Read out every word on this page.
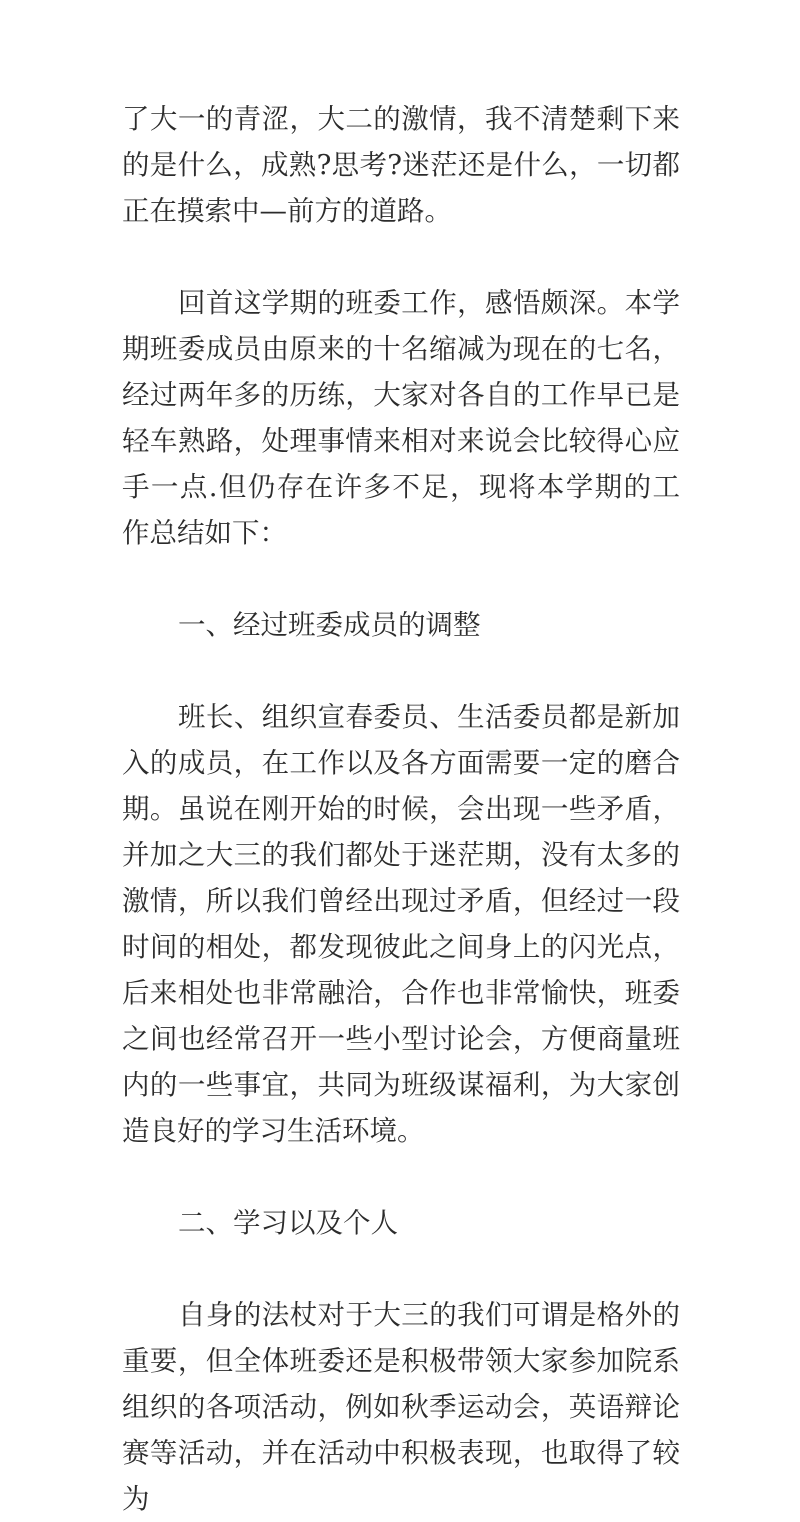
了大一的青涩，大二的激情，我不清楚剩下来的是什么，成熟?思考?迷茫还是什么，一切都正在摸索中—前方的道路。

回首这学期的班委工作，感悟颇深。本学期班委成员由原来的十名缩减为现在的七名，经过两年多的历练，大家对各自的工作早已是轻车熟路，处理事情来相对来说会比较得心应手一点.但仍存在许多不足，现将本学期的工作总结如下：

一、经过班委成员的调整

班长、组织宣春委员、生活委员都是新加入的成员，在工作以及各方面需要一定的磨合期。虽说在刚开始的时候，会出现一些矛盾，并加之大三的我们都处于迷茫期，没有太多的激情，所以我们曾经出现过矛盾，但经过一段时间的相处，都发现彼此之间身上的闪光点，后来相处也非常融洽，合作也非常愉快，班委之间也经常召开一些小型讨论会，方便商量班内的一些事宜，共同为班级谋福利，为大家创造良好的学习生活环境。

二、学习以及个人

自身的法杖对于大三的我们可谓是格外的重要，但全体班委还是积极带领大家参加院系组织的各项活动，例如秋季运动会，英语辩论赛等活动，并在活动中积极表现，也取得了较为
